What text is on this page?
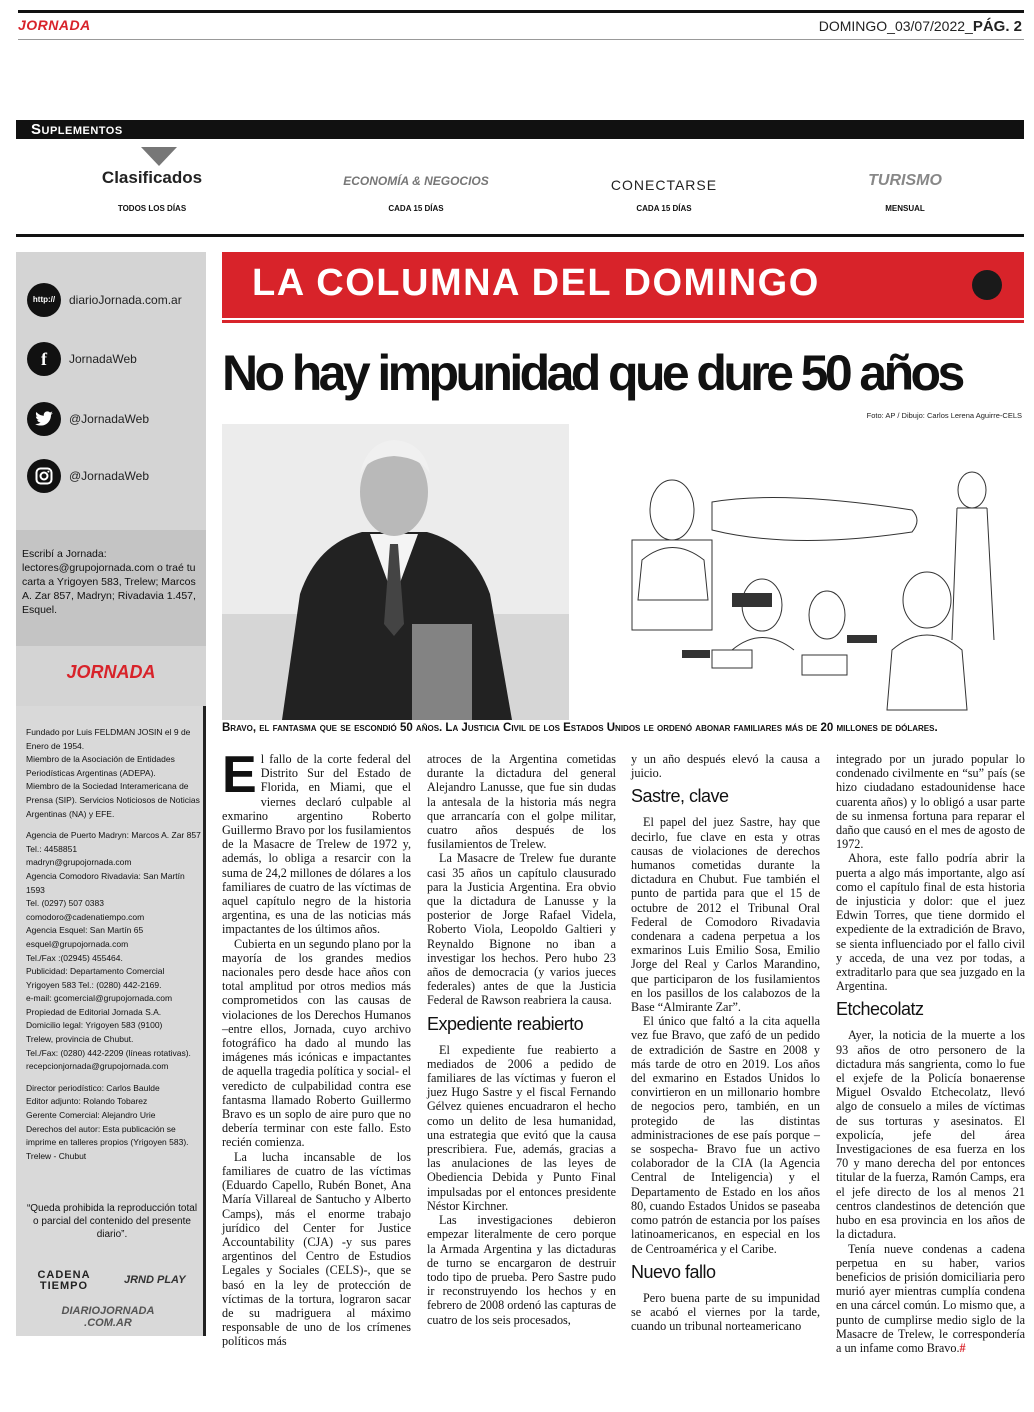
JORNADA	DOMINGO_03/07/2022_PÁG. 2
Suplementos
Clasificados
TODOS LOS DÍAS
ECONOMÍA & NEGOCIOS
CADA 15 DÍAS
CONECTARSE
CADA 15 DÍAS
TURISMO
MENSUAL
http://	diarioJornada.com.ar
f	JornadaWeb
@JornadaWeb
@JornadaWeb
Escribí a Jornada:
lectores@grupojornada.com o traé tu carta a Yrigoyen 583, Trelew; Marcos A. Zar 857, Madryn; Rivadavia 1.457, Esquel.
JORNADA

Fundado por Luis FELDMAN JOSIN el 9 de Enero de 1954.

Miembro de la Asociación de Entidades Periodísticas Argentinas (ADEPA).

Miembro de la Sociedad Interamericana de Prensa (SIP). Servicios Noticiosos de Noticias Argentinas (NA) y EFE.

Agencia de Puerto Madryn: Marcos A. Zar 857

Tel.: 4458851

madryn@grupojornada.com

Agencia Comodoro Rivadavia: San Martín 1593

Tel. (0297) 507 0383

comodoro@cadenatiempo.com

Agencia Esquel: San Martín 65

esquel@grupojornada.com

Tel./Fax :(02945) 455464.

Publicidad: Departamento Comercial

Yrigoyen 583 Tel.: (0280) 442-2169.

e-mail: gcomercial@grupojornada.com

Propiedad de Editorial Jornada S.A.

Domicilio legal: Yrigoyen 583 (9100)

Trelew, provincia de Chubut.

Tel./Fax: (0280) 442-2209 (líneas rotativas).

recepcionjornada@grupojornada.com

Director periodístico: Carlos Baulde

Editor adjunto: Rolando Tobarez

Gerente Comercial: Alejandro Urie

Derechos del autor: Esta publicación se imprime en talleres propios (Yrigoyen 583). Trelew - Chubut

“Queda prohibida la reproducción total o parcial del contenido del presente diario”.
CADENA TIEMPO	JRND PLAY
DIARIOJORNADA .COM.AR
LA COLUMNA DEL DOMINGO
No hay impunidad que dure 50 años
Foto: AP / Dibujo: Carlos Lerena Aguirre-CELS
Bravo, el fantasma que se escondió 50 años. La Justicia Civil de los Estados Unidos le ordenó abonar familiares más de 20 millones de dólares.

El fallo de la corte federal del Distrito Sur del Estado de Florida, en Miami, que el viernes declaró culpable al exmarino argentino Roberto Guillermo Bravo por los fusilamientos de la Masacre de Trelew de 1972 y, además, lo obliga a resarcir con la suma de 24,2 millones de dólares a los familiares de cuatro de las víctimas de aquel capítulo negro de la historia argentina, es una de las noticias más impactantes de los últimos años.

Cubierta en un segundo plano por la mayoría de los grandes medios nacionales pero desde hace años con total amplitud por otros medios más comprometidos con las causas de violaciones de los Derechos Humanos –entre ellos, Jornada, cuyo archivo fotográfico ha dado al mundo las imágenes más icónicas e impactantes de aquella tragedia política y social- el veredicto de culpabilidad contra ese fantasma llamado Roberto Guillermo Bravo es un soplo de aire puro que no debería terminar con este fallo. Esto recién comienza.

La lucha incansable de los familiares de cuatro de las víctimas (Eduardo Capello, Rubén Bonet, Ana María Villareal de Santucho y Alberto Camps), más el enorme trabajo jurídico del Center for Justice Accountability (CJA) -y sus pares argentinos del Centro de Estudios Legales y Sociales (CELS)-, que se basó en la ley de protección de víctimas de la tortura, lograron sacar de su madriguera al máximo responsable de uno de los crímenes políticos más

atroces de la Argentina cometidas durante la dictadura del general Alejandro Lanusse, que fue sin dudas la antesala de la historia más negra que arrancaría con el golpe militar, cuatro años después de los fusilamientos de Trelew.

La Masacre de Trelew fue durante casi 35 años un capítulo clausurado para la Justicia Argentina. Era obvio que la dictadura de Lanusse y la posterior de Jorge Rafael Videla, Roberto Viola, Leopoldo Galtieri y Reynaldo Bignone no iban a investigar los hechos. Pero hubo 23 años de democracia (y varios jueces federales) antes de que la Justicia Federal de Rawson reabriera la causa.

Expediente reabierto

El expediente fue reabierto a mediados de 2006 a pedido de familiares de las víctimas y fueron el juez Hugo Sastre y el fiscal Fernando Gélvez quienes encuadraron el hecho como un delito de lesa humanidad, una estrategia que evitó que la causa prescribiera. Fue, además, gracias a las anulaciones de las leyes de Obediencia Debida y Punto Final impulsadas por el entonces presidente Néstor Kirchner.

Las investigaciones debieron empezar literalmente de cero porque la Armada Argentina y las dictaduras de turno se encargaron de destruir todo tipo de prueba. Pero Sastre pudo ir reconstruyendo los hechos y en febrero de 2008 ordenó las capturas de cuatro de los seis procesados,

y un año después elevó la causa a juicio.

Sastre, clave

El papel del juez Sastre, hay que decirlo, fue clave en esta y otras causas de violaciones de derechos humanos cometidas durante la dictadura en Chubut. Fue también el punto de partida para que el 15 de octubre de 2012 el Tribunal Oral Federal de Comodoro Rivadavia condenara a cadena perpetua a los exmarinos Luis Emilio Sosa, Emilio Jorge del Real y Carlos Marandino, que participaron de los fusilamientos en los pasillos de los calabozos de la Base “Almirante Zar”.

El único que faltó a la cita aquella vez fue Bravo, que zafó de un pedido de extradición de Sastre en 2008 y más tarde de otro en 2019. Los años del exmarino en Estados Unidos lo convirtieron en un millonario hombre de negocios pero, también, en un protegido de las distintas administraciones de ese país porque –se sospecha- Bravo fue un activo colaborador de la CIA (la Agencia Central de Inteligencia) y el Departamento de Estado en los años 80, cuando Estados Unidos se paseaba como patrón de estancia por los países latinoamericanos, en especial en los de Centroamérica y el Caribe.

Nuevo fallo

Pero buena parte de su impunidad se acabó el viernes por la tarde, cuando un tribunal norteamericano

integrado por un jurado popular lo condenado civilmente en “su” país (se hizo ciudadano estadounidense hace cuarenta años) y lo obligó a usar parte de su inmensa fortuna para reparar el daño que causó en el mes de agosto de 1972.

Ahora, este fallo podría abrir la puerta a algo más importante, algo así como el capítulo final de esta historia de injusticia y dolor: que el juez Edwin Torres, que tiene dormido el expediente de la extradición de Bravo, se sienta influenciado por el fallo civil y acceda, de una vez por todas, a extraditarlo para que sea juzgado en la Argentina.

Etchecolatz

Ayer, la noticia de la muerte a los 93 años de otro personero de la dictadura más sangrienta, como lo fue el exjefe de la Policía bonaerense Miguel Osvaldo Etchecolatz, llevó algo de consuelo a miles de víctimas de sus torturas y asesinatos. El expolicía, jefe del área Investigaciones de esa fuerza en los 70 y mano derecha del por entonces titular de la fuerza, Ramón Camps, era el jefe directo de los al menos 21 centros clandestinos de detención que hubo en esa provincia en los años de la dictadura.

Tenía nueve condenas a cadena perpetua en su haber, varios beneficios de prisión domiciliaria pero murió ayer mientras cumplía condena en una cárcel común. Lo mismo que, a punto de cumplirse medio siglo de la Masacre de Trelew, le correspondería a un infame como Bravo.#
